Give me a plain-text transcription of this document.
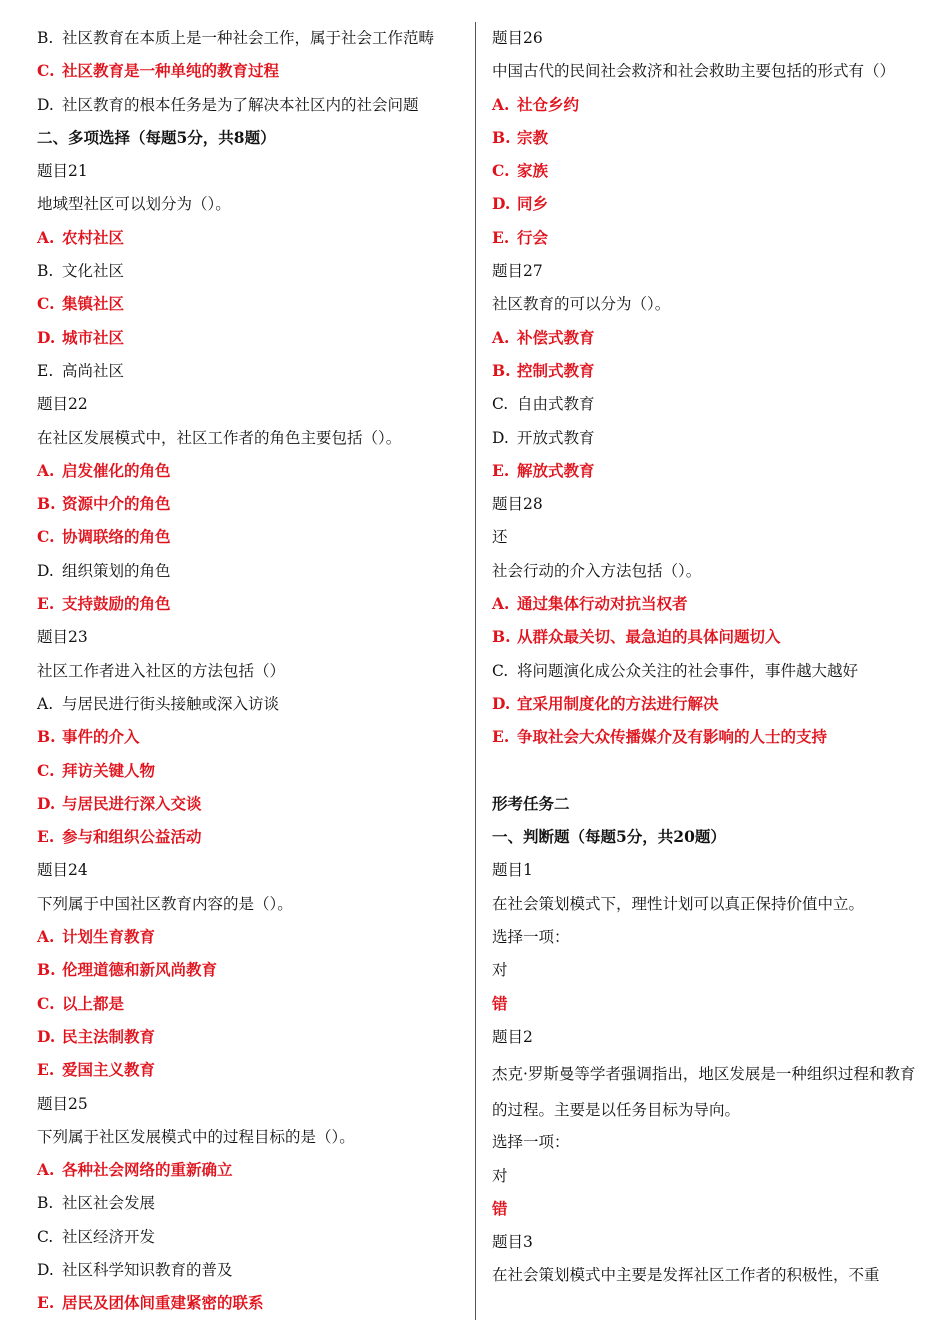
B. 社区教育在本质上是一种社会工作，属于社会工作范畴
C. 社区教育是一种单纯的教育过程
D. 社区教育的根本任务是为了解决本社区内的社会问题
二、多项选择（每题5分，共8题）
题目21
地域型社区可以划分为（）。
A. 农村社区
B. 文化社区
C. 集镇社区
D. 城市社区
E. 高尚社区
题目22
在社区发展模式中，社区工作者的角色主要包括（）。
A. 启发催化的角色
B. 资源中介的角色
C. 协调联络的角色
D. 组织策划的角色
E. 支持鼓励的角色
题目23
社区工作者进入社区的方法包括（）
A. 与居民进行街头接触或深入访谈
B. 事件的介入
C. 拜访关键人物
D. 与居民进行深入交谈
E. 参与和组织公益活动
题目24
下列属于中国社区教育内容的是（）。
A. 计划生育教育
B. 伦理道德和新风尚教育
C. 以上都是
D. 民主法制教育
E. 爱国主义教育
题目25
下列属于社区发展模式中的过程目标的是（）。
A. 各种社会网络的重新确立
B. 社区社会发展
C. 社区经济开发
D. 社区科学知识教育的普及
E. 居民及团体间重建紧密的联系
题目26
中国古代的民间社会救济和社会救助主要包括的形式有（）
A. 社仓乡约
B. 宗教
C. 家族
D. 同乡
E. 行会
题目27
社区教育的可以分为（）。
A. 补偿式教育
B. 控制式教育
C. 自由式教育
D. 开放式教育
E. 解放式教育
题目28
还
社会行动的介入方法包括（）。
A. 通过集体行动对抗当权者
B. 从群众最关切、最急迫的具体问题切入
C. 将问题演化成公众关注的社会事件，事件越大越好
D. 宜采用制度化的方法进行解决
E. 争取社会大众传播媒介及有影响的人士的支持
形考任务二
一、判断题（每题5分，共20题）
题目1
在社会策划模式下，理性计划可以真正保持价值中立。
选择一项：
对
错
题目2
杰克·罗斯曼等学者强调指出，地区发展是一种组织过程和教育的过程。主要是以任务目标为导向。
选择一项：
对
错
题目3
在社会策划模式中主要是发挥社区工作者的积极性，不重
